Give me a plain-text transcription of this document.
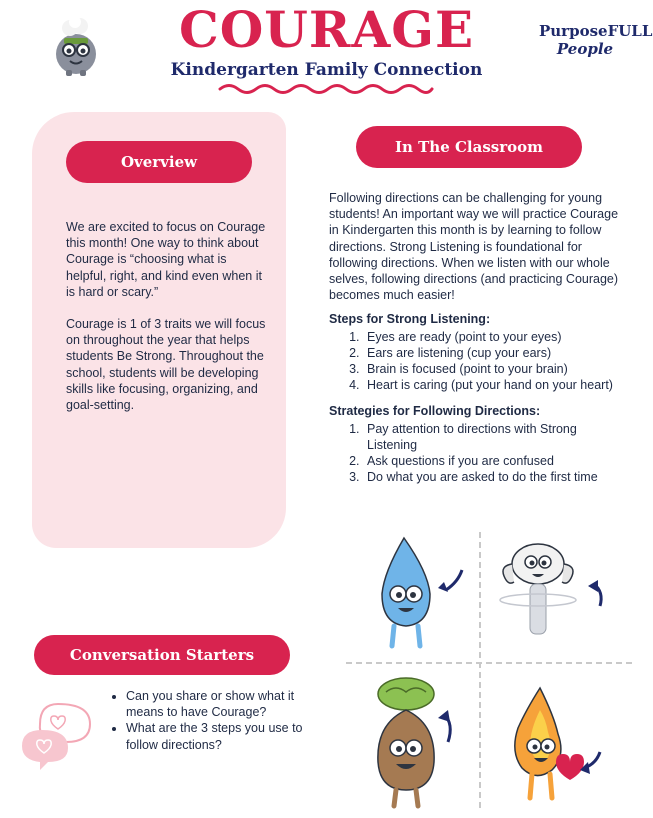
COURAGE
Kindergarten Family Connection
PurposeFULL
People
Overview

We are excited to focus on Courage this month! One way to think about Courage is “choosing what is helpful, right, and kind even when it is hard or scary.”

Courage is 1 of 3 traits we will focus on throughout the year that helps students Be Strong. Throughout the school, students will be developing skills like focusing, organizing, and goal-setting.

In The Classroom

Following directions can be challenging for young students! An important way we will practice Courage in Kindergarten this month is by learning to follow directions. Strong Listening is foundational for following directions. When we listen with our whole selves, following directions (and practicing Courage) becomes much easier!

Steps for Strong Listening:
1. Eyes are ready (point to your eyes)
2. Ears are listening (cup your ears)
3. Brain is focused (point to your brain)
4. Heart is caring (put your hand on your heart)
Strategies for Following Directions:
1. Pay attention to directions with Strong Listening
2. Ask questions if you are confused
3. Do what you are asked to do the first time
Conversation Starters
• Can you share or show what it means to have Courage?
• What are the 3 steps you use to follow directions?
